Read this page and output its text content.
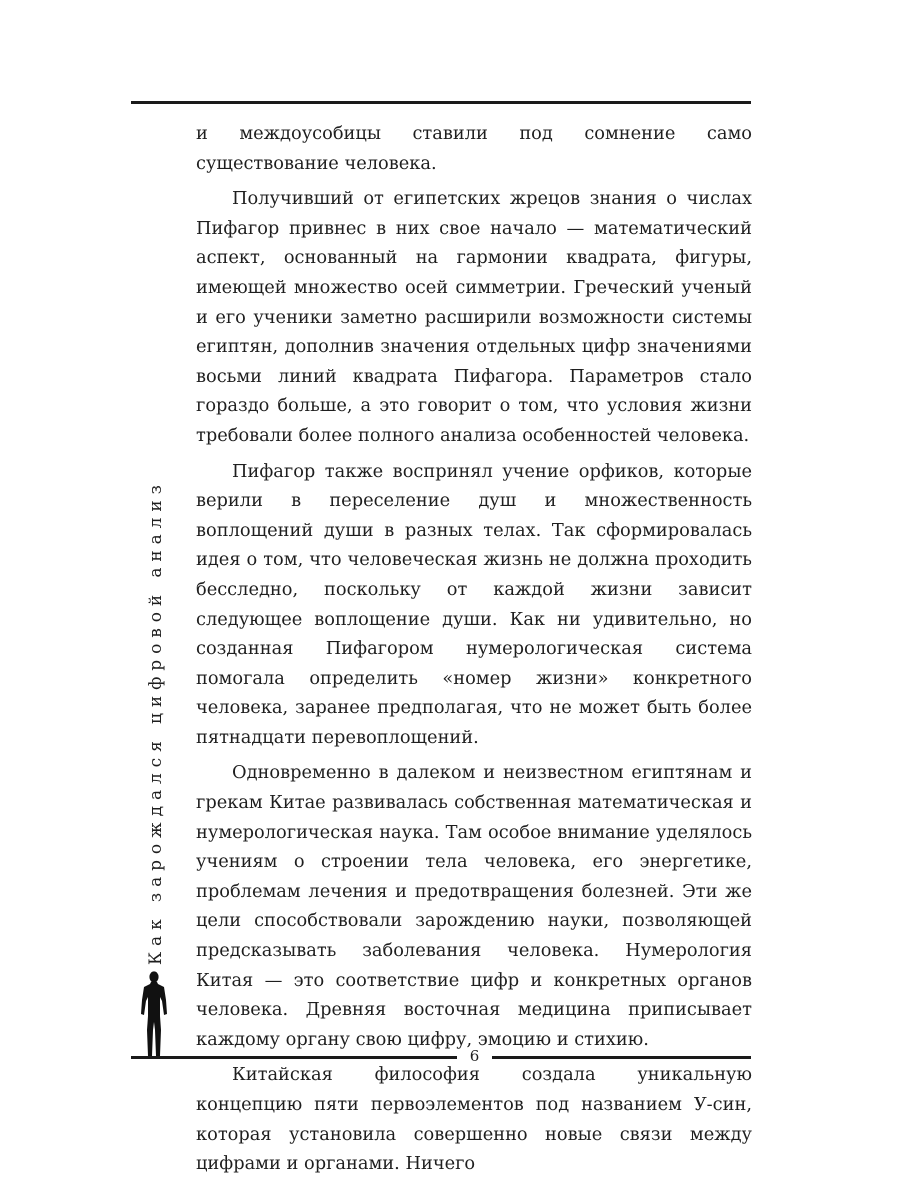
и междоусобицы ставили под сомнение само существование человека.

Получивший от египетских жрецов знания о числах Пифагор привнес в них свое начало — математический аспект, основанный на гармонии квадрата, фигуры, имеющей множество осей симметрии. Греческий ученый и его ученики заметно расширили возможности системы египтян, дополнив значения отдельных цифр значениями восьми линий квадрата Пифагора. Параметров стало гораздо больше, а это говорит о том, что условия жизни требовали более полного анализа особенностей человека.

Пифагор также воспринял учение орфиков, которые верили в переселение душ и множественность воплощений души в разных телах. Так сформировалась идея о том, что человеческая жизнь не должна проходить бесследно, поскольку от каждой жизни зависит следующее воплощение души. Как ни удивительно, но созданная Пифагором нумерологическая система помогала определить «номер жизни» конкретного человека, заранее предполагая, что не может быть более пятнадцати перевоплощений.

Одновременно в далеком и неизвестном египтянам и грекам Китае развивалась собственная математическая и нумерологическая наука. Там особое внимание уделялось учениям о строении тела человека, его энергетике, проблемам лечения и предотвращения болезней. Эти же цели способствовали зарождению науки, позволяющей предсказывать заболевания человека. Нумерология Китая — это соответствие цифр и конкретных органов человека. Древняя восточная медицина приписывает каждому органу свою цифру, эмоцию и стихию.

Китайская философия создала уникальную концепцию пяти первоэлементов под названием У-син, которая установила совершенно новые связи между цифрами и органами. Ничего

Как зарождался цифровой анализ
6
